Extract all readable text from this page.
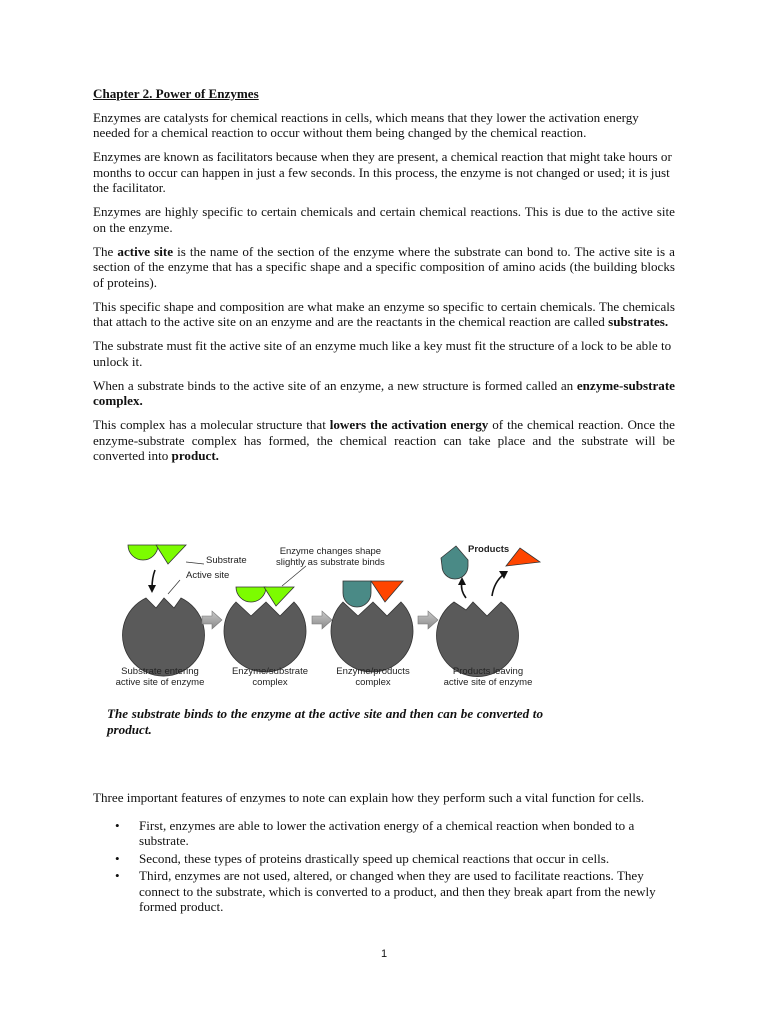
Chapter 2. Power of Enzymes

Enzymes are catalysts for chemical reactions in cells, which means that they lower the activation energy needed for a chemical reaction to occur without them being changed by the chemical reaction.

Enzymes are known as facilitators because when they are present, a chemical reaction that might take hours or months to occur can happen in just a few seconds. In this process, the enzyme is not changed or used; it is just the facilitator.

Enzymes are highly specific to certain chemicals and certain chemical reactions. This is due to the active site on the enzyme.

The active site is the name of the section of the enzyme where the substrate can bond to. The active site is a section of the enzyme that has a specific shape and a specific composition of amino acids (the building blocks of proteins).

This specific shape and composition are what make an enzyme so specific to certain chemicals. The chemicals that attach to the active site on an enzyme and are the reactants in the chemical reaction are called substrates.

The substrate must fit the active site of an enzyme much like a key must fit the structure of a lock to be able to unlock it.

When a substrate binds to the active site of an enzyme, a new structure is formed called an enzyme-substrate complex.

This complex has a molecular structure that lowers the activation energy of the chemical reaction. Once the enzyme-substrate complex has formed, the chemical reaction can take place and the substrate will be converted into product.

Substrate
Active site
Enzyme changes shape
slightly as substrate binds
Products
Substrate entering
active site of enzyme
Enzyme/substrate
complex
Enzyme/products
complex
Products leaving
active site of enzyme
The substrate binds to the enzyme at the active site and then can be converted to product.

Three important features of enzymes to note can explain how they perform such a vital function for cells.

• First, enzymes are able to lower the activation energy of a chemical reaction when bonded to a substrate.
• Second, these types of proteins drastically speed up chemical reactions that occur in cells.
• Third, enzymes are not used, altered, or changed when they are used to facilitate reactions. They connect to the substrate, which is converted to a product, and then they break apart from the newly formed product.
1
